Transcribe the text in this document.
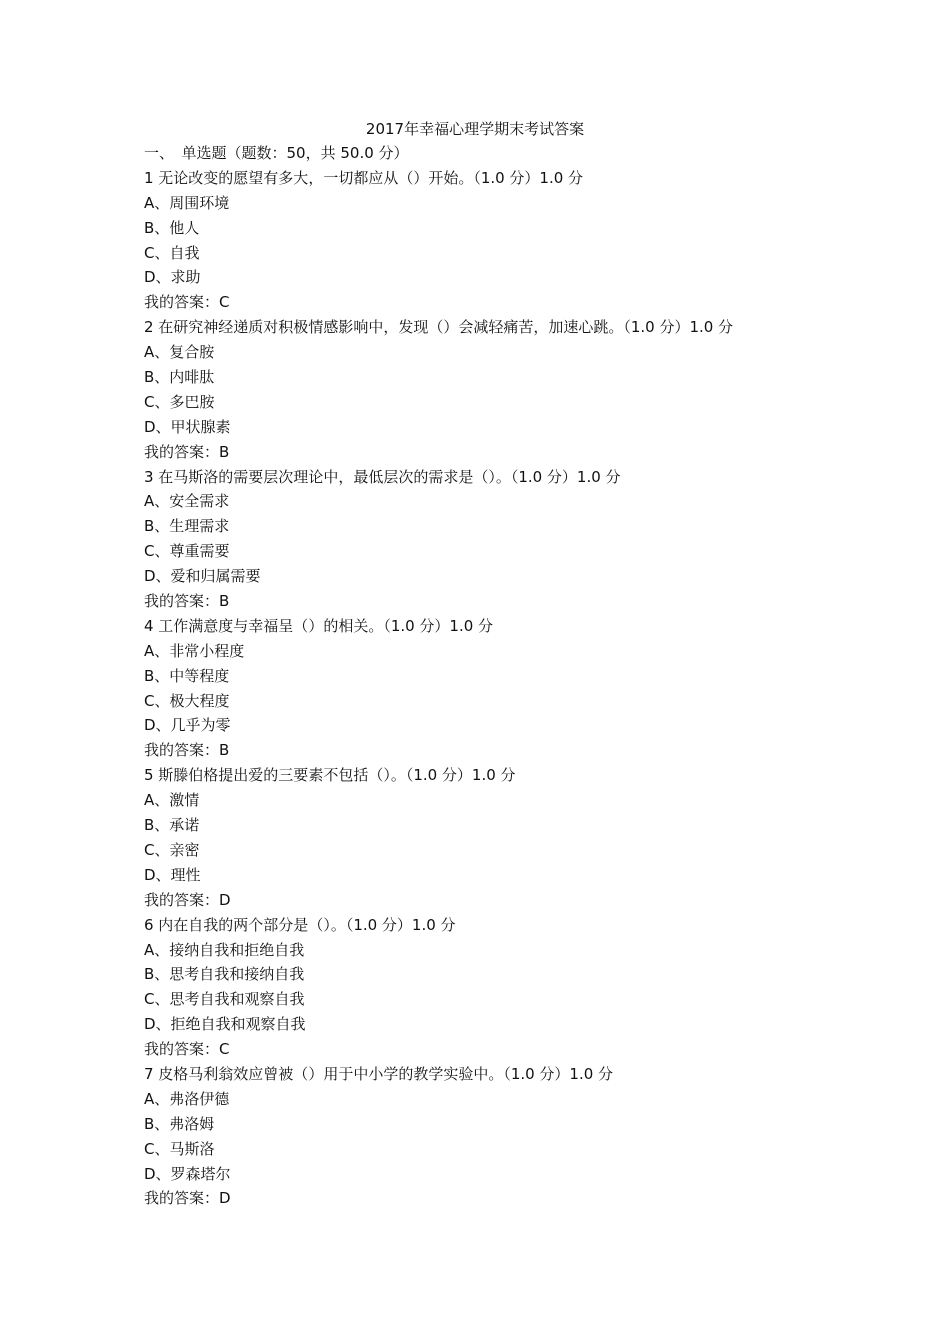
2017年幸福心理学期末考试答案
一、　单选题（题数：50，共 50.0 分）
1 无论改变的愿望有多大，一切都应从（）开始。（1.0 分）1.0 分
A、周围环境
B、他人
C、自我
D、求助
我的答案：C
2 在研究神经递质对积极情感影响中，发现（）会减轻痛苦，加速心跳。（1.0 分）1.0 分
A、复合胺
B、内啡肽
C、多巴胺
D、甲状腺素
我的答案：B
3 在马斯洛的需要层次理论中，最低层次的需求是（）。（1.0 分）1.0 分
A、安全需求
B、生理需求
C、尊重需要
D、爱和归属需要
我的答案：B
4 工作满意度与幸福呈（）的相关。（1.0 分）1.0 分
A、非常小程度
B、中等程度
C、极大程度
D、几乎为零
我的答案：B
5 斯滕伯格提出爱的三要素不包括（）。（1.0 分）1.0 分
A、激情
B、承诺
C、亲密
D、理性
我的答案：D
6 内在自我的两个部分是（）。（1.0 分）1.0 分
A、接纳自我和拒绝自我
B、思考自我和接纳自我
C、思考自我和观察自我
D、拒绝自我和观察自我
我的答案：C
7 皮格马利翁效应曾被（）用于中小学的教学实验中。（1.0 分）1.0 分
A、弗洛伊德
B、弗洛姆
C、马斯洛
D、罗森塔尔
我的答案：D
